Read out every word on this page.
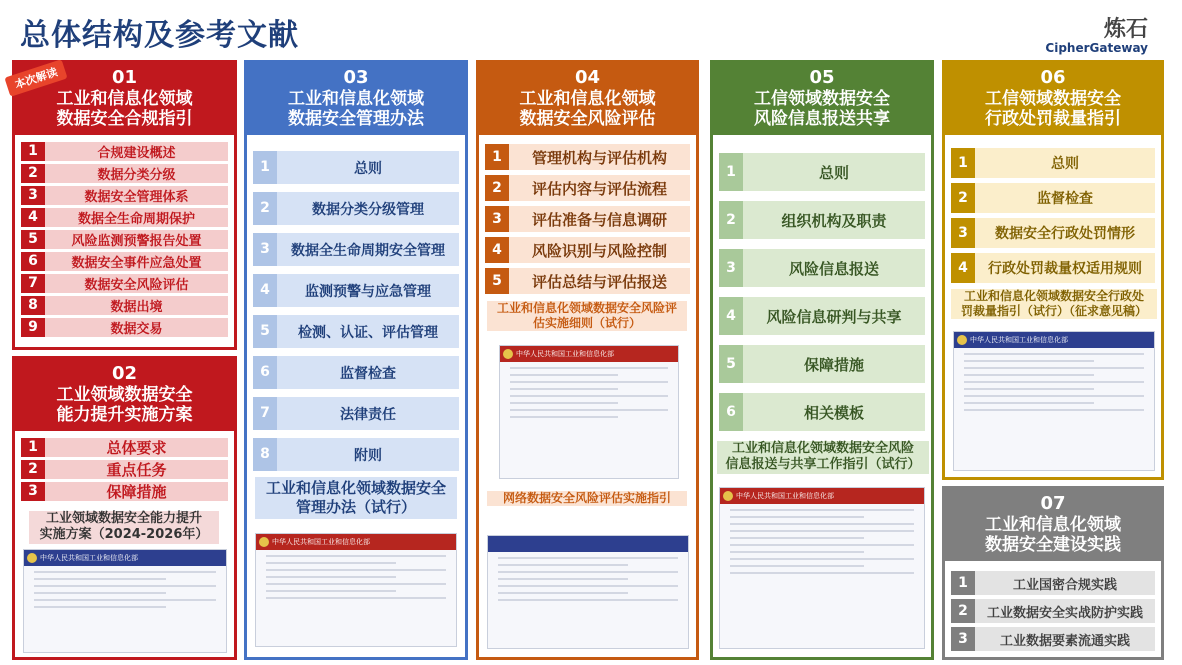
总体结构及参考文献	炼石
CipherGateway
本次解读	01
工业和信息化领域
数据安全合规指引
1	合规建设概述
2	数据分类分级
3	数据安全管理体系
4	数据全生命周期保护
5	风险监测预警报告处置
6	数据安全事件应急处置
7	数据安全风险评估
8	数据出境
9	数据交易
02
工业领域数据安全
能力提升实施方案
1	总体要求
2	重点任务
3	保障措施
工业领域数据安全能力提升
实施方案（2024-2026年）
中华人民共和国工业和信息化部
03
工业和信息化领域
数据安全管理办法
1	总则
2	数据分类分级管理
3	数据全生命周期安全管理
4	监测预警与应急管理
5	检测、认证、评估管理
6	监督检查
7	法律责任
8	附则
工业和信息化领域数据安全
管理办法（试行）
中华人民共和国工业和信息化部
04
工业和信息化领域
数据安全风险评估
1	管理机构与评估机构
2	评估内容与评估流程
3	评估准备与信息调研
4	风险识别与风险控制
5	评估总结与评估报送
工业和信息化领域数据安全风险评
估实施细则（试行）
中华人民共和国工业和信息化部
网络数据安全风险评估实施指引
05
工信领域数据安全
风险信息报送共享
1	总则
2	组织机构及职责
3	风险信息报送
4	风险信息研判与共享
5	保障措施
6	相关模板
工业和信息化领域数据安全风险
信息报送与共享工作指引（试行）
中华人民共和国工业和信息化部
06
工信领域数据安全
行政处罚裁量指引
1	总则
2	监督检查
3	数据安全行政处罚情形
4	行政处罚裁量权适用规则
工业和信息化领域数据安全行政处
罚裁量指引（试行）（征求意见稿）
中华人民共和国工业和信息化部
07
工业和信息化领域
数据安全建设实践
1	工业国密合规实践
2	工业数据安全实战防护实践
3	工业数据要素流通实践
